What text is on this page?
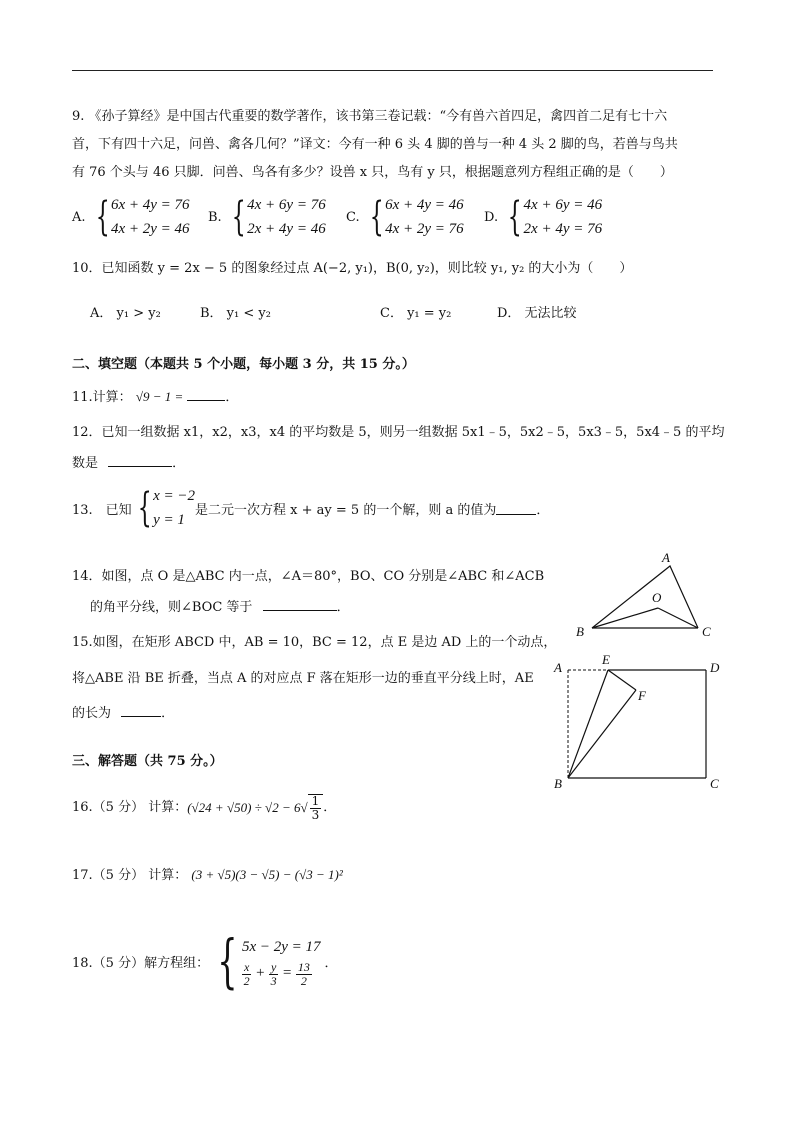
9. 《孙子算经》是中国古代重要的数学著作，该书第三卷记载：“今有兽六首四足，禽四首二足有七十六
首，下有四十六足，问兽、禽各几何？”译文：今有一种 6 头 4 脚的兽与一种 4 头 2 脚的鸟，若兽与鸟共
有 76 个头与 46 只脚．问兽、鸟各有多少？设兽 x 只，鸟有 y 只，根据题意列方程组正确的是（　　）
A. { 6x + 4y = 76
4x + 2y = 46
B. { 4x + 6y = 76
2x + 4y = 46
C. { 6x + 4y = 46
4x + 2y = 76
D. { 4x + 6y = 46
2x + 4y = 76
10．已知函数 y = 2x − 5 的图象经过点 A(−2, y₁)，B(0, y₂)，则比较 y₁, y₂ 的大小为（　　）
A． y₁ > y₂	B． y₁ < y₂	C． y₁ = y₂	D． 无法比较
二、填空题（本题共 5 个小题，每小题 3 分，共 15 分。）
11.计算： √9 − 1 =	．
12．已知一组数据 x1，x2，x3，x4 的平均数是 5，则另一组数据 5x1﹣5，5x2﹣5，5x3﹣5，5x4﹣5 的平均
数是	．
13.　已知 { x = −2
y = 1
是二元一次方程 x + ay = 5 的一个解，则 a 的值为	．
14．如图，点 O 是△ABC 内一点，∠A＝80°，BO、CO 分别是∠ABC 和∠ACB
的角平分线，则∠BOC 等于	．
A
B	C
O
15.如图，在矩形 ABCD 中，AB = 10，BC = 12，点 E 是边 AD 上的一个动点，
将△ABE 沿 BE 折叠，当点 A 的对应点 F 落在矩形一边的垂直平分线上时，AE
的长为	．
A
E
D
F
B	C
三、解答题（共 75 分。）
16.（5 分） 计算： $(√24 + √50) \div √2 - 6√ \frac{1}{3}$ ．
17.（5 分） 计算： (3 + √5)(3 − √5) − (√3 − 1)²
18.（5 分）解方程组： { 5x − 2y = 17
$\frac{x}{2} + \frac{y}{3} = \frac{13}{2}$ ．
